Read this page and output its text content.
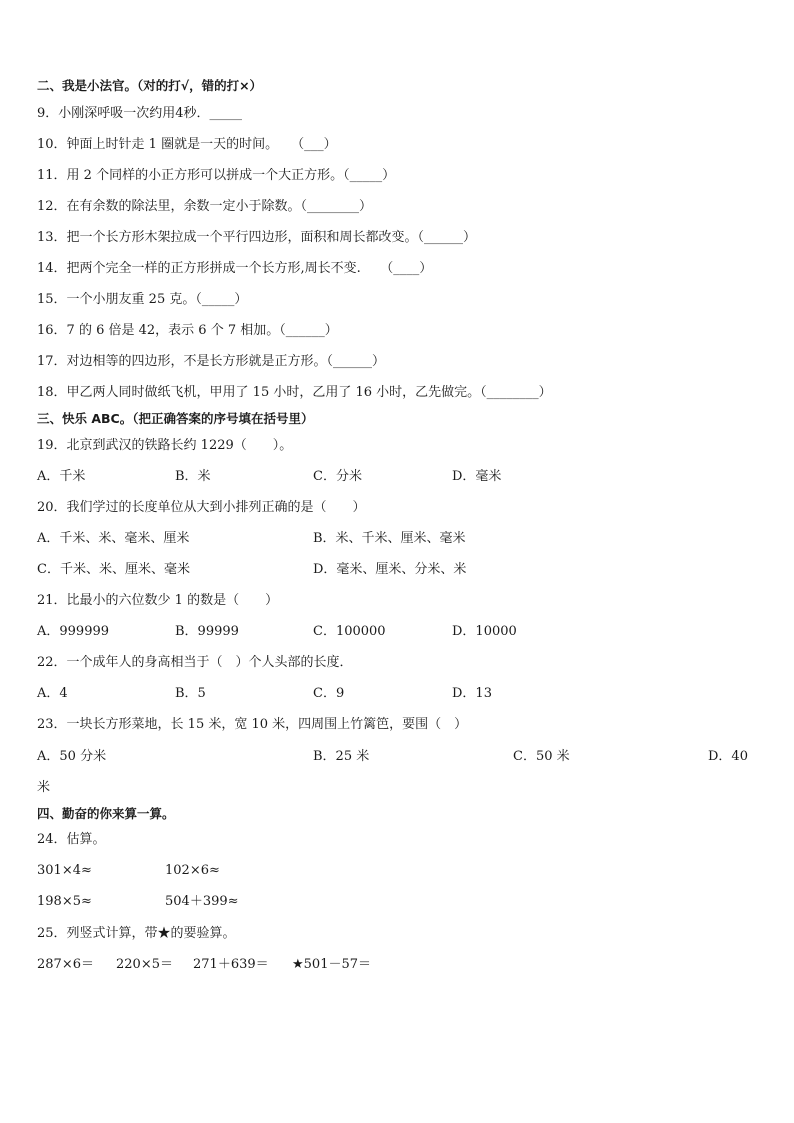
二、我是小法官。（对的打√，错的打×）
9．小刚深呼吸一次约用4秒．_____
10．钟面上时针走 1 圈就是一天的时间。　　（___）
11．用 2 个同样的小正方形可以拼成一个大正方形。（_____）
12．在有余数的除法里，余数一定小于除数。（________）
13．把一个长方形木架拉成一个平行四边形，面积和周长都改变。（______）
14．把两个完全一样的正方形拼成一个长方形,周长不变.　　（____）
15．一个小朋友重 25 克。（_____）
16．7 的 6 倍是 42，表示 6 个 7 相加。（______）
17．对边相等的四边形，不是长方形就是正方形。（______）
18．甲乙两人同时做纸飞机，甲用了 15 小时，乙用了 16 小时，乙先做完。（________）
三、快乐 ABC。（把正确答案的序号填在括号里）
19．北京到武汉的铁路长约 1229（　　）。
A．千米	B．米	C．分米	D．毫米
20．我们学过的长度单位从大到小排列正确的是（　　）
A．千米、米、毫米、厘米	B．米、千米、厘米、毫米
C．千米、米、厘米、毫米	D．毫米、厘米、分米、米
21．比最小的六位数少 1 的数是（　　）
A．999999	B．99999	C．100000	D．10000
22．一个成年人的身高相当于（　）个人头部的长度．
A．4	B．5	C．9	D．13
23．一块长方形菜地，长 15 米，宽 10 米，四周围上竹篱笆，要围（　）
A．50 分米	B．25 米	C．50 米	D．40
米
四、勤奋的你来算一算。
24．估算。
301×4≈	102×6≈
198×5≈	504＋399≈
25．列竖式计算，带★的要验算。
287×6＝ 220×5＝ 271＋639＝ ★501－57＝
